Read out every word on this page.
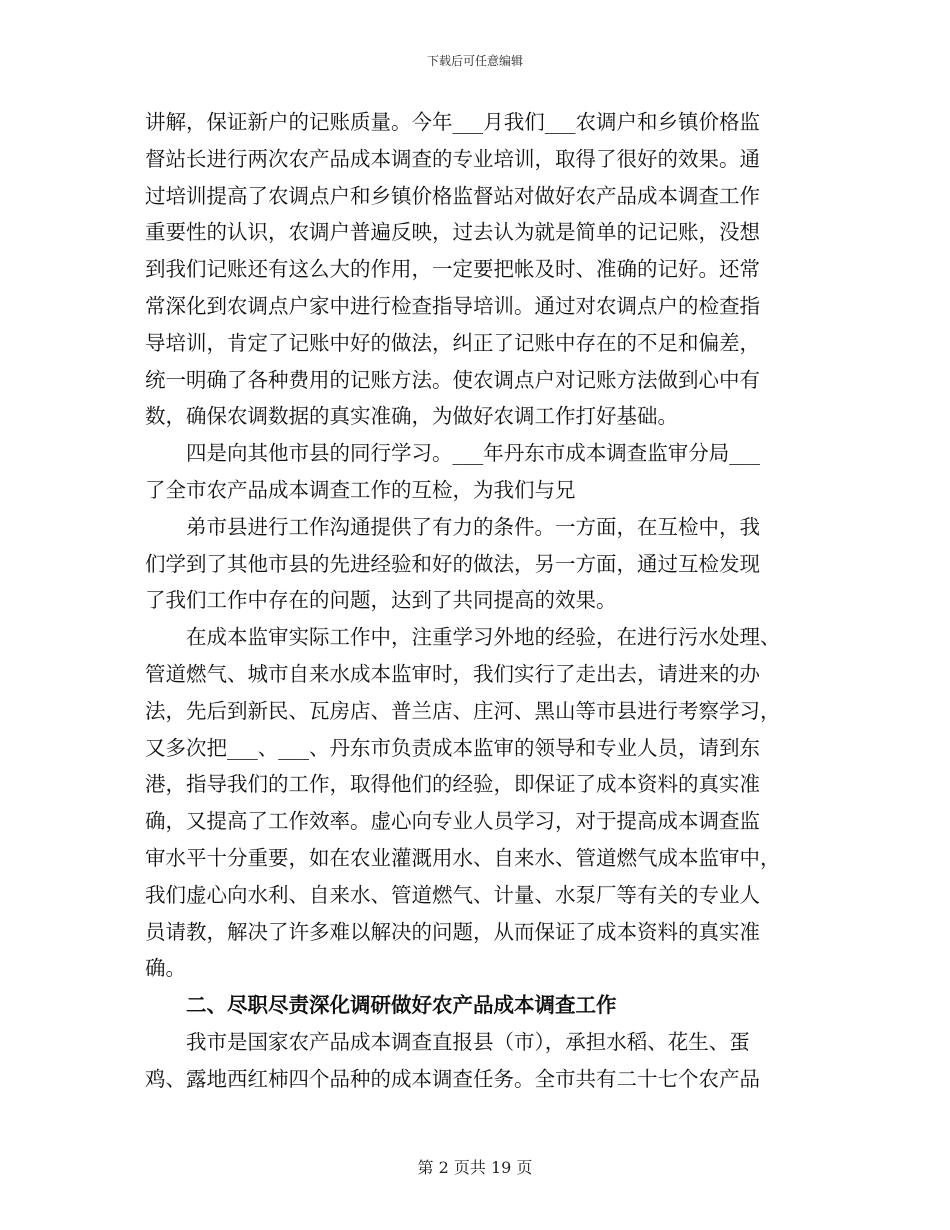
下载后可任意编辑
讲解，保证新户的记账质量。今年___月我们___农调户和乡镇价格监
督站长进行两次农产品成本调查的专业培训，取得了很好的效果。通
过培训提高了农调点户和乡镇价格监督站对做好农产品成本调查工作
重要性的认识，农调户普遍反映，过去认为就是简单的记记账，没想
到我们记账还有这么大的作用，一定要把帐及时、准确的记好。还常
常深化到农调点户家中进行检查指导培训。通过对农调点户的检查指
导培训，肯定了记账中好的做法，纠正了记账中存在的不足和偏差，
统一明确了各种费用的记账方法。使农调点户对记账方法做到心中有
数，确保农调数据的真实准确，为做好农调工作打好基础。
四是向其他市县的同行学习。___年丹东市成本调查监审分局___
了全市农产品成本调查工作的互检，为我们与兄
弟市县进行工作沟通提供了有力的条件。一方面，在互检中，我
们学到了其他市县的先进经验和好的做法，另一方面，通过互检发现
了我们工作中存在的问题，达到了共同提高的效果。
在成本监审实际工作中，注重学习外地的经验，在进行污水处理、
管道燃气、城市自来水成本监审时，我们实行了走出去，请进来的办
法，先后到新民、瓦房店、普兰店、庄河、黑山等市县进行考察学习，
又多次把___、___、丹东市负责成本监审的领导和专业人员，请到东
港，指导我们的工作，取得他们的经验，即保证了成本资料的真实准
确，又提高了工作效率。虚心向专业人员学习，对于提高成本调查监
审水平十分重要，如在农业灌溉用水、自来水、管道燃气成本监审中，
我们虚心向水利、自来水、管道燃气、计量、水泵厂等有关的专业人
员请教，解决了许多难以解决的问题，从而保证了成本资料的真实准
确。
二、尽职尽责深化调研做好农产品成本调查工作
我市是国家农产品成本调查直报县（市），承担水稻、花生、蛋
鸡、露地西红柿四个品种的成本调查任务。全市共有二十七个农产品
第 2 页共 19 页
